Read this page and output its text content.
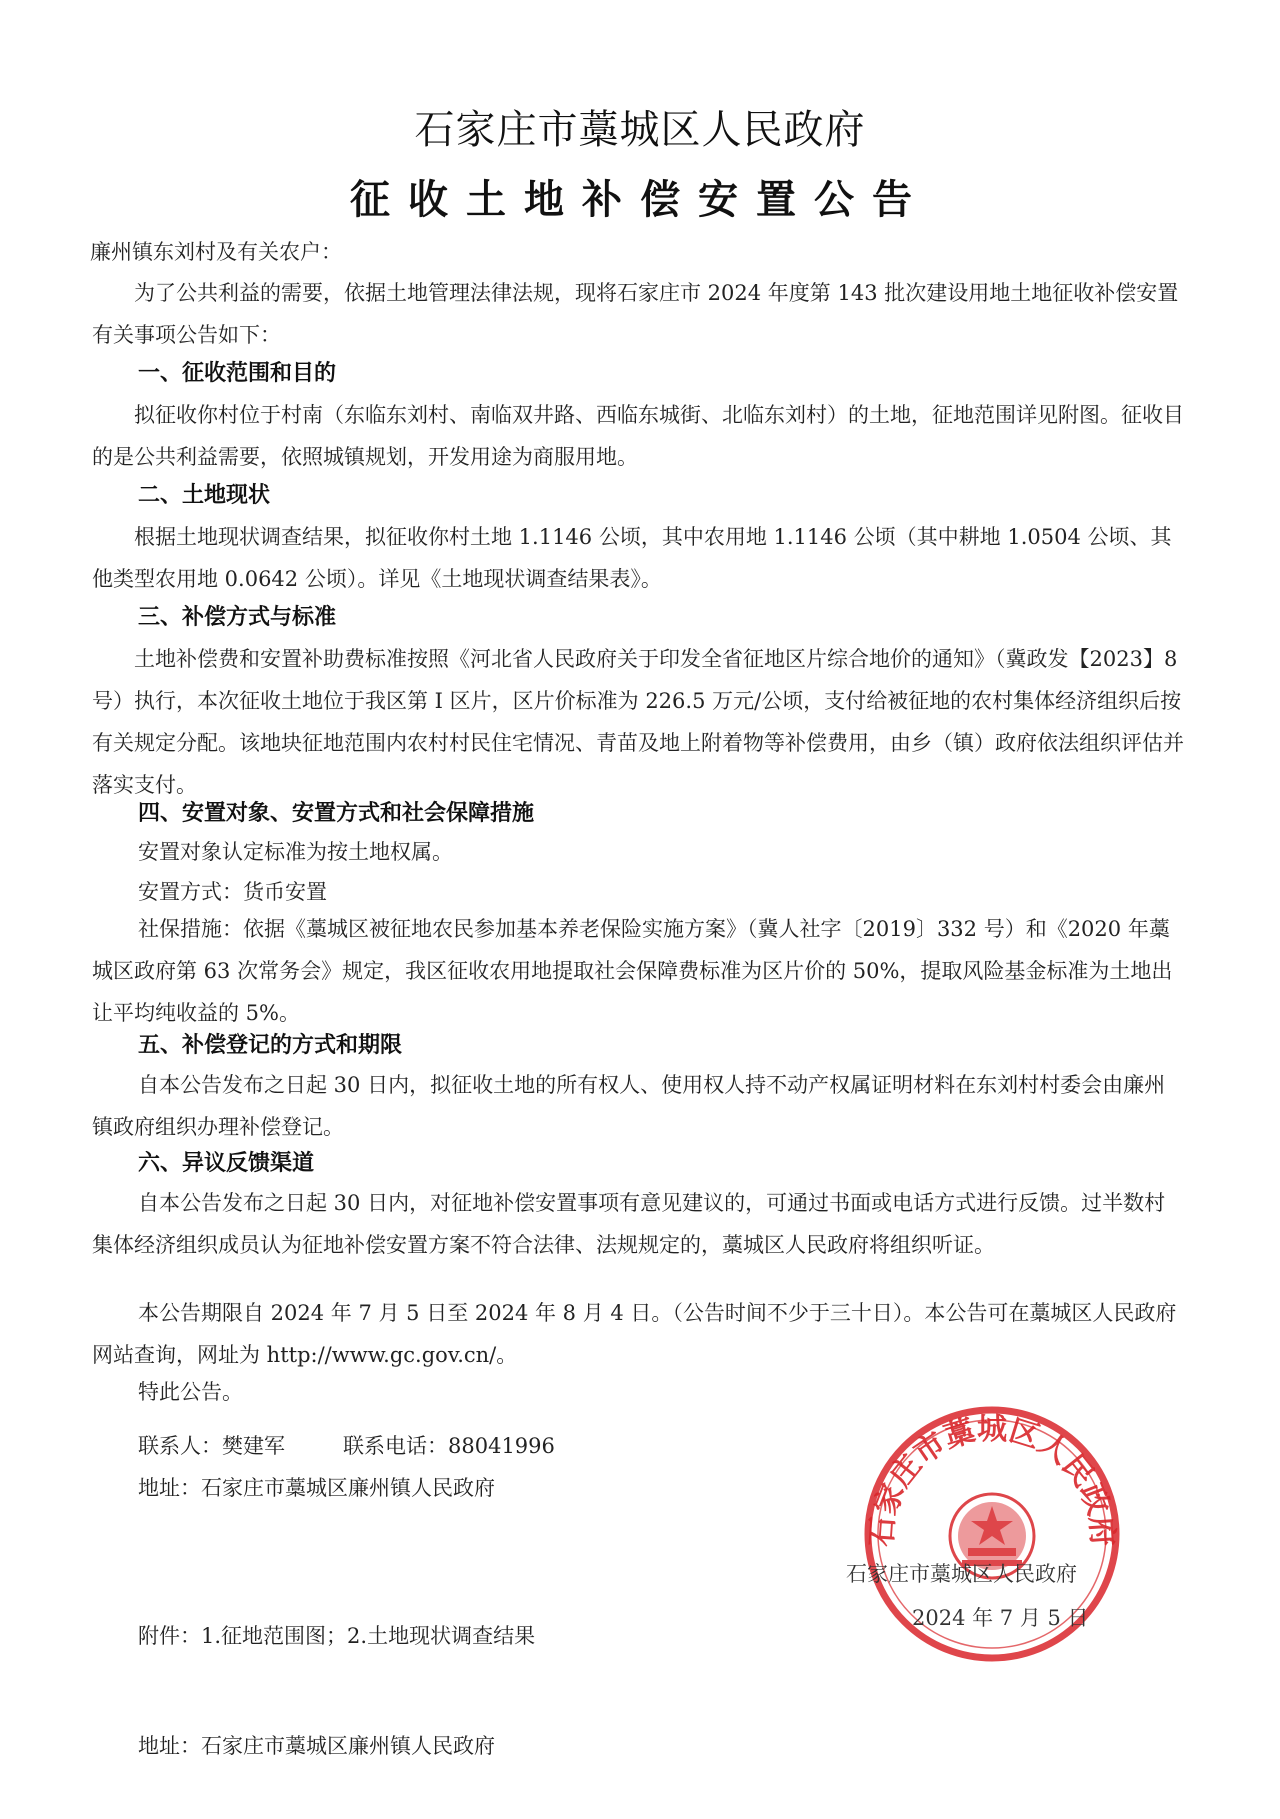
石家庄市藁城区人民政府
征收土地补偿安置公告
廉州镇东刘村及有关农户：
为了公共利益的需要，依据土地管理法律法规，现将石家庄市 2024 年度第 143 批次建设用地土地征收补偿安置有关事项公告如下：
一、征收范围和目的
拟征收你村位于村南（东临东刘村、南临双井路、西临东城街、北临东刘村）的土地，征地范围详见附图。征收目的是公共利益需要，依照城镇规划，开发用途为商服用地。
二、土地现状
根据土地现状调查结果，拟征收你村土地 1.1146 公顷，其中农用地 1.1146 公顷（其中耕地 1.0504 公顷、其他类型农用地 0.0642 公顷）。详见《土地现状调查结果表》。
三、补偿方式与标准
土地补偿费和安置补助费标准按照《河北省人民政府关于印发全省征地区片综合地价的通知》（冀政发【2023】8 号）执行，本次征收土地位于我区第 I 区片，区片价标准为 226.5 万元/公顷，支付给被征地的农村集体经济组织后按有关规定分配。该地块征地范围内农村村民住宅情况、青苗及地上附着物等补偿费用，由乡（镇）政府依法组织评估并落实支付。
四、安置对象、安置方式和社会保障措施
安置对象认定标准为按土地权属。
安置方式：货币安置
社保措施：依据《藁城区被征地农民参加基本养老保险实施方案》（冀人社字〔2019〕332 号）和《2020 年藁城区政府第 63 次常务会》规定，我区征收农用地提取社会保障费标准为区片价的 50%，提取风险基金标准为土地出让平均纯收益的 5%。
五、补偿登记的方式和期限
自本公告发布之日起 30 日内，拟征收土地的所有权人、使用权人持不动产权属证明材料在东刘村村委会由廉州镇政府组织办理补偿登记。
六、异议反馈渠道
自本公告发布之日起 30 日内，对征地补偿安置事项有意见建议的，可通过书面或电话方式进行反馈。过半数村集体经济组织成员认为征地补偿安置方案不符合法律、法规规定的，藁城区人民政府将组织听证。
本公告期限自 2024 年 7 月 5 日至 2024 年 8 月 4 日。（公告时间不少于三十日）。本公告可在藁城区人民政府网站查询，网址为 http://www.gc.gov.cn/。
特此公告。
联系人：樊建军	联系电话：88041996
地址：石家庄市藁城区廉州镇人民政府
石家庄市藁城区人民政府
石家庄市藁城区人民政府
2024 年 7 月 5 日
附件：1.征地范围图；2.土地现状调查结果
地址：石家庄市藁城区廉州镇人民政府
